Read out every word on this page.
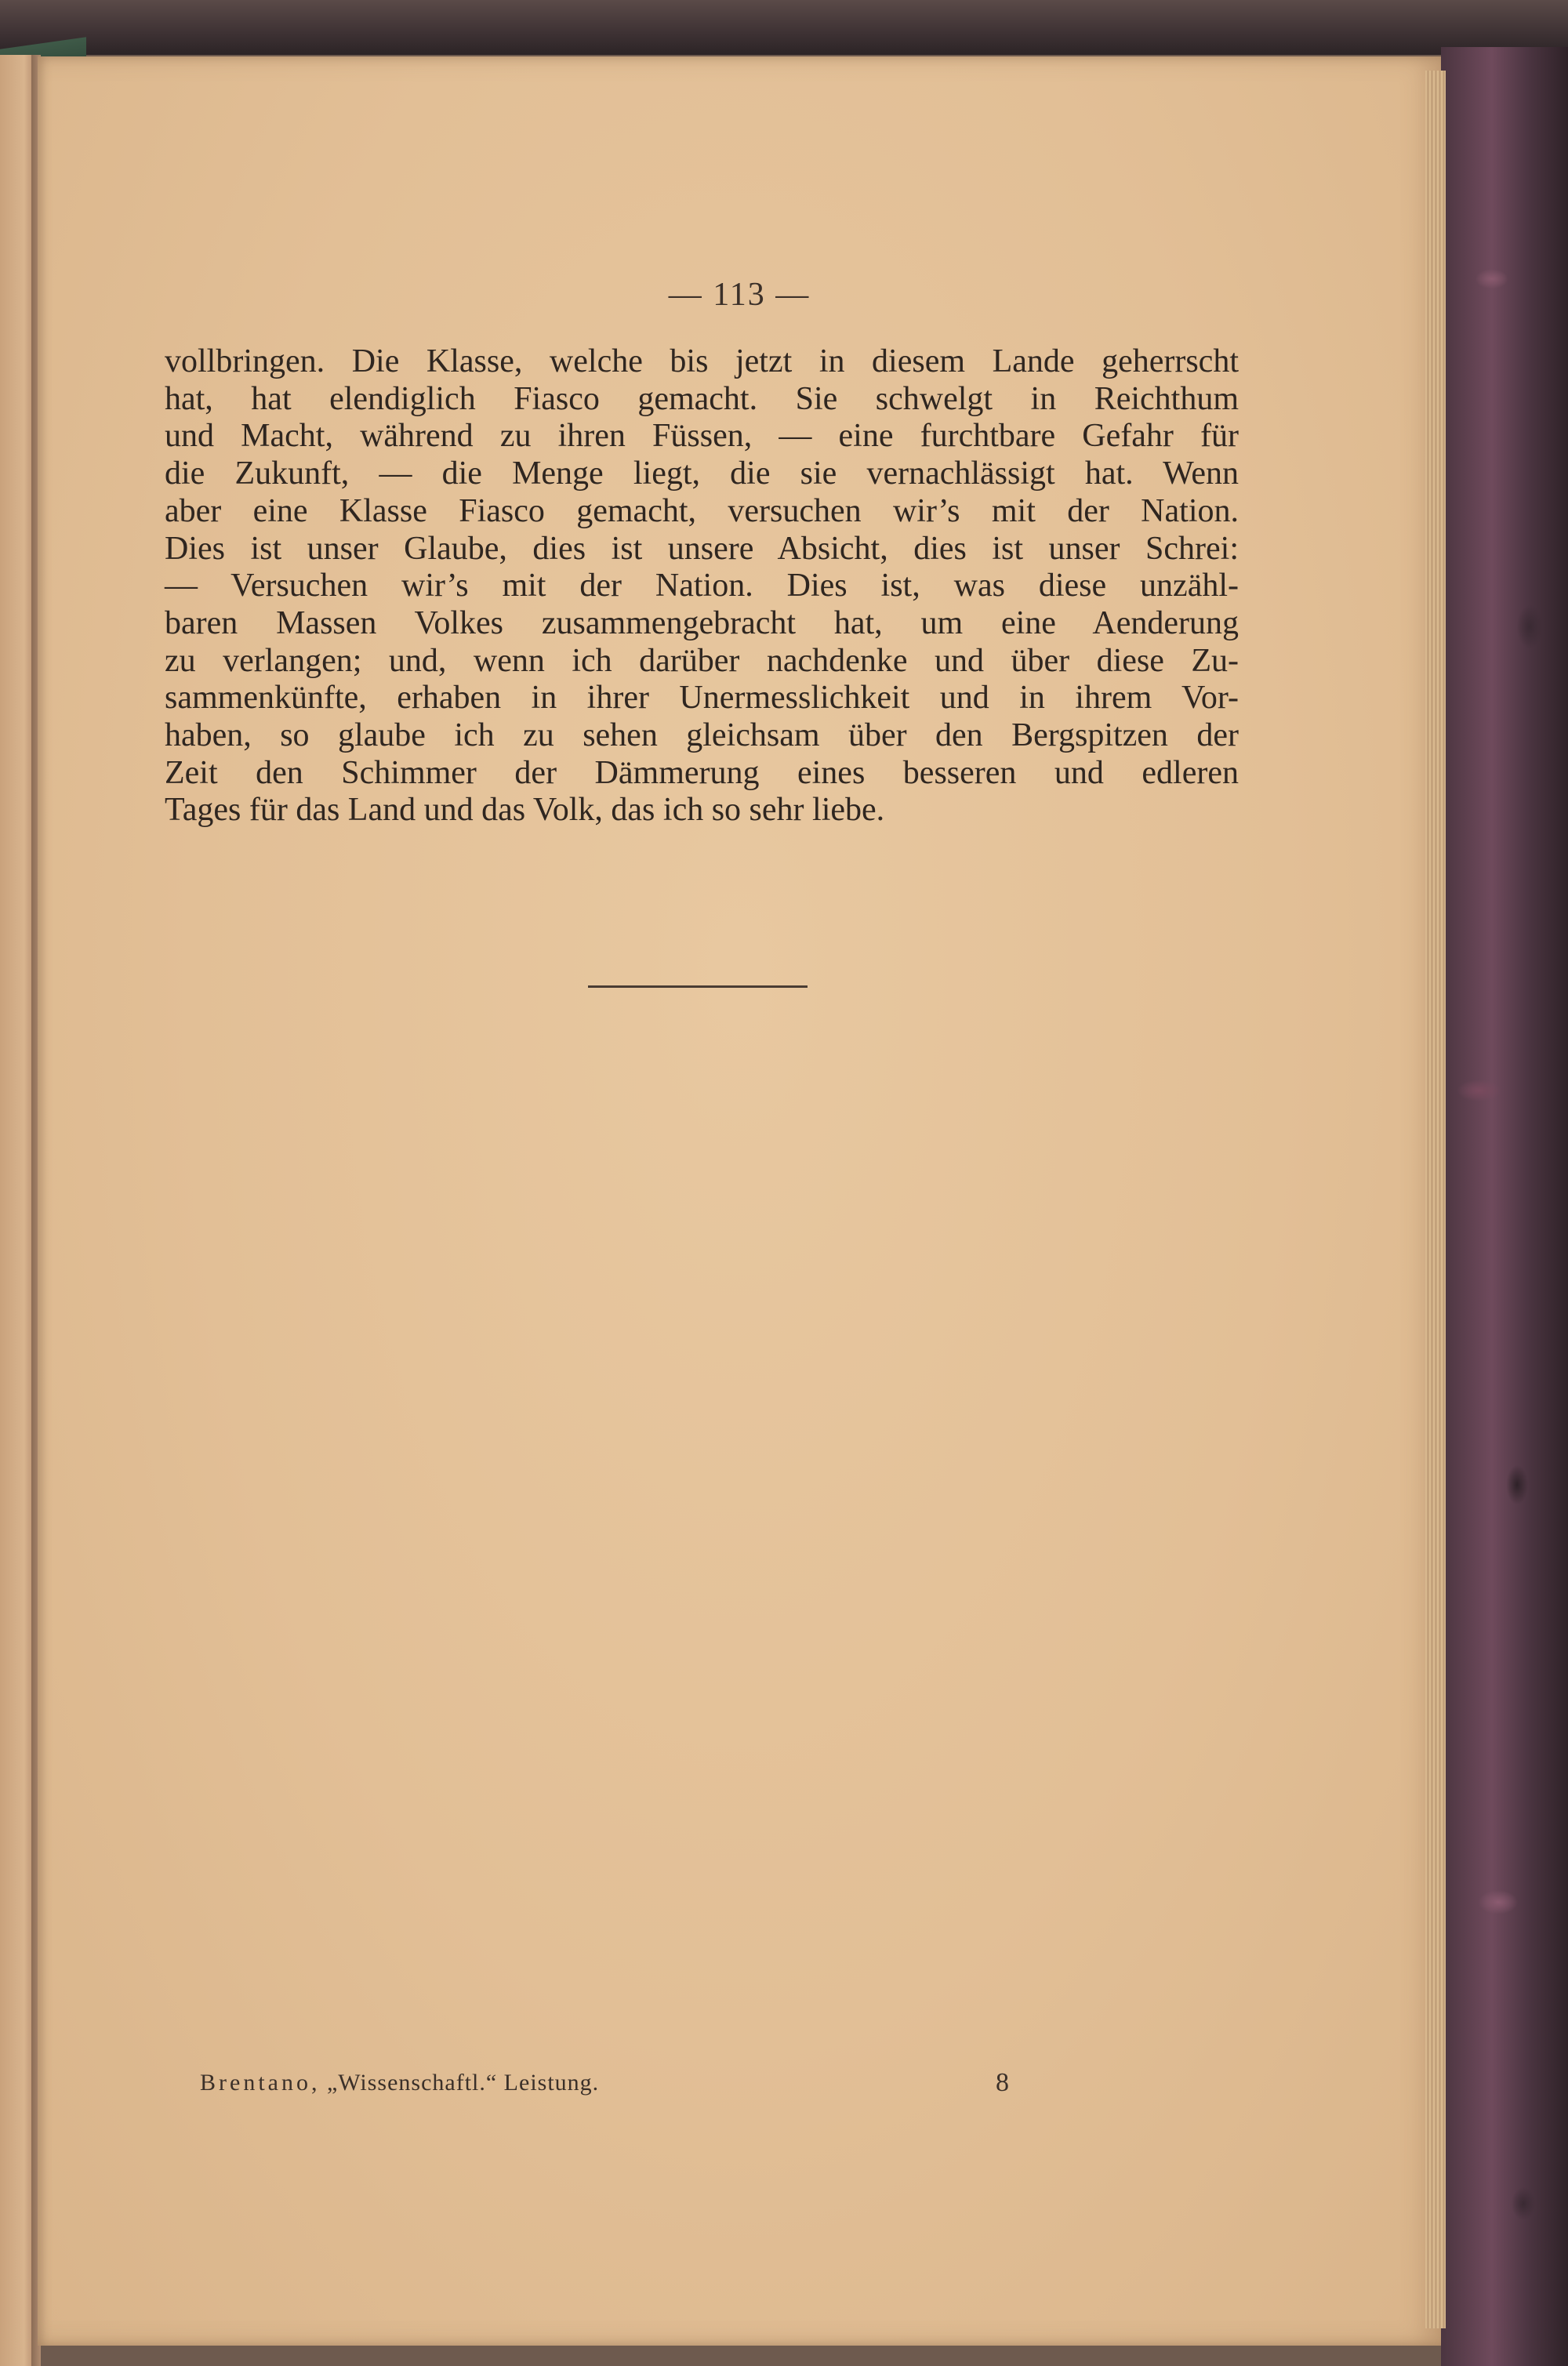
— 113 —
vollbringen. Die Klasse, welche bis jetzt in diesem Lande geherrscht
hat, hat elendiglich Fiasco gemacht. Sie schwelgt in Reichthum
und Macht, während zu ihren Füssen, — eine furchtbare Gefahr für
die Zukunft, — die Menge liegt, die sie vernachlässigt hat. Wenn
aber eine Klasse Fiasco gemacht, versuchen wir’s mit der Nation.
Dies ist unser Glaube, dies ist unsere Absicht, dies ist unser Schrei:
— Versuchen wir’s mit der Nation. Dies ist, was diese unzähl-
baren Massen Volkes zusammengebracht hat, um eine Aenderung
zu verlangen; und, wenn ich darüber nachdenke und über diese Zu-
sammenkünfte, erhaben in ihrer Unermesslichkeit und in ihrem Vor-
haben, so glaube ich zu sehen gleichsam über den Bergspitzen der
Zeit den Schimmer der Dämmerung eines besseren und edleren
Tages für das Land und das Volk, das ich so sehr liebe.
Brentano, „Wissenschaftl.“ Leistung.	8
